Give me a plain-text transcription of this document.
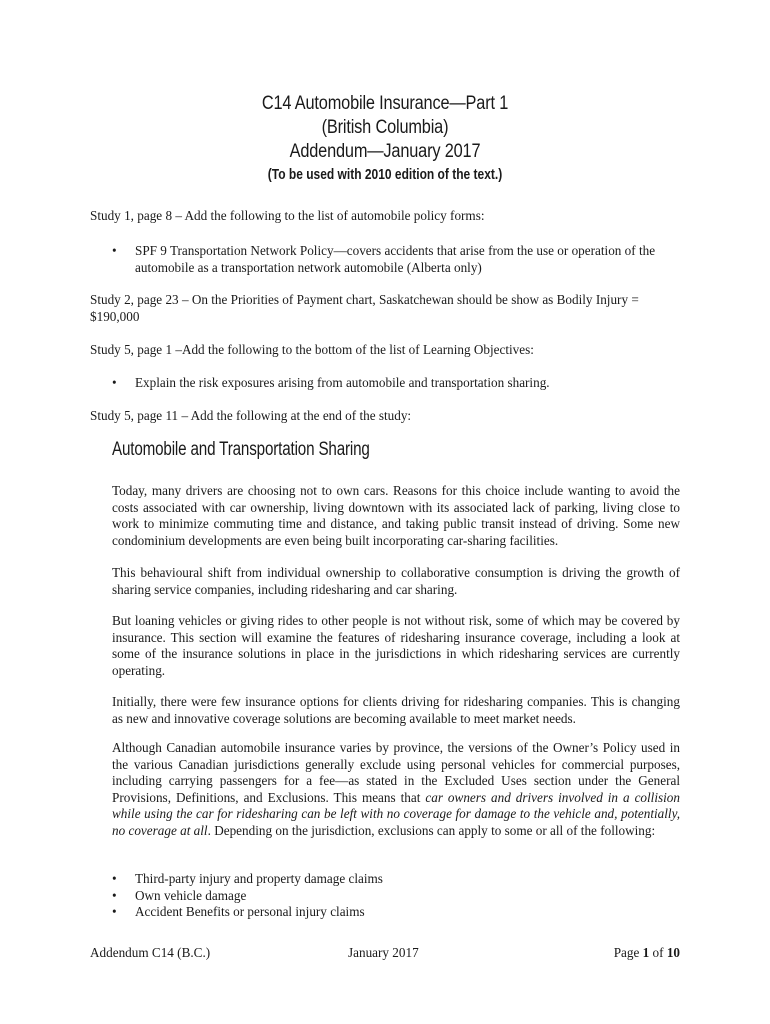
C14 Automobile Insurance—Part 1
(British Columbia)
Addendum—January 2017
(To be used with 2010 edition of the text.)

Study 1, page 8 – Add the following to the list of automobile policy forms:

• SPF 9 Transportation Network Policy—covers accidents that arise from the use or operation of the automobile as a transportation network automobile (Alberta only)

Study 2, page 23 – On the Priorities of Payment chart, Saskatchewan should be show as Bodily Injury = $190,000

Study 5, page 1 –Add the following to the bottom of the list of Learning Objectives:

• Explain the risk exposures arising from automobile and transportation sharing.

Study 5, page 11 – Add the following at the end of the study:

Automobile and Transportation Sharing
Today, many drivers are choosing not to own cars. Reasons for this choice include wanting to avoid the costs associated with car ownership, living downtown with its associated lack of parking, living close to work to minimize commuting time and distance, and taking public transit instead of driving. Some new condominium developments are even being built incorporating car-sharing facilities.
This behavioural shift from individual ownership to collaborative consumption is driving the growth of sharing service companies, including ridesharing and car sharing.
But loaning vehicles or giving rides to other people is not without risk, some of which may be covered by insurance. This section will examine the features of ridesharing insurance coverage, including a look at some of the insurance solutions in place in the jurisdictions in which ridesharing services are currently operating.
Initially, there were few insurance options for clients driving for ridesharing companies. This is changing as new and innovative coverage solutions are becoming available to meet market needs.
Although Canadian automobile insurance varies by province, the versions of the Owner’s Policy used in the various Canadian jurisdictions generally exclude using personal vehicles for commercial purposes, including carrying passengers for a fee—as stated in the Excluded Uses section under the General Provisions, Definitions, and Exclusions. This means that car owners and drivers involved in a collision while using the car for ridesharing can be left with no coverage for damage to the vehicle and, potentially, no coverage at all. Depending on the jurisdiction, exclusions can apply to some or all of the following:
• Third-party injury and property damage claims
• Own vehicle damage
• Accident Benefits or personal injury claims
Addendum C14 (B.C.)	January 2017	Page 1 of 10
